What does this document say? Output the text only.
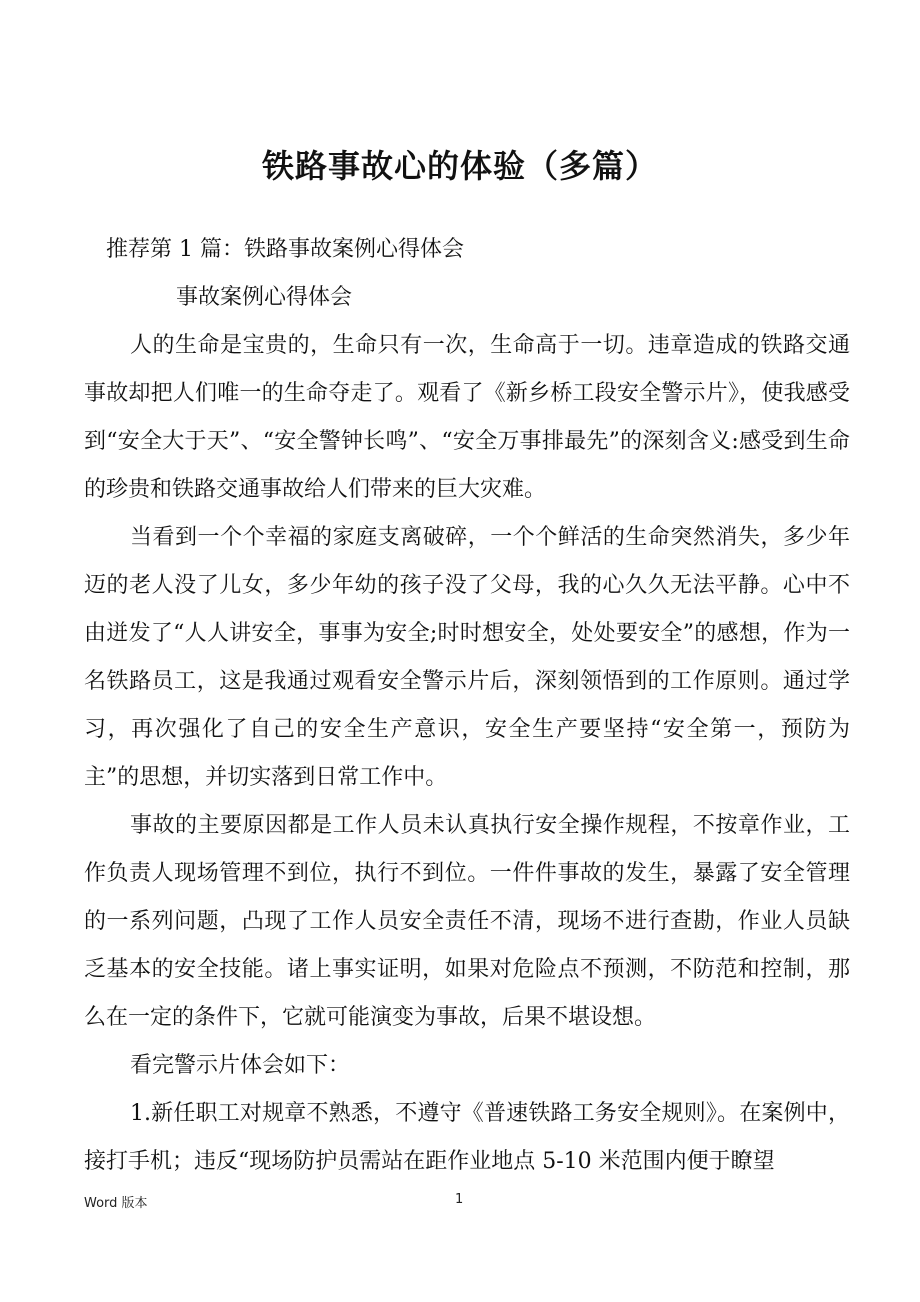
铁路事故心的体验（多篇）

推荐第 1 篇：铁路事故案例心得体会

事故案例心得体会

人的生命是宝贵的，生命只有一次，生命高于一切。违章造成的铁路交通事故却把人们唯一的生命夺走了。观看了《新乡桥工段安全警示片》，使我感受到“安全大于天”、“安全警钟长鸣”、“安全万事排最先”的深刻含义:感受到生命的珍贵和铁路交通事故给人们带来的巨大灾难。

当看到一个个幸福的家庭支离破碎，一个个鲜活的生命突然消失，多少年迈的老人没了儿女，多少年幼的孩子没了父母，我的心久久无法平静。心中不由迸发了“人人讲安全，事事为安全;时时想安全，处处要安全”的感想，作为一名铁路员工，这是我通过观看安全警示片后，深刻领悟到的工作原则。通过学习，再次强化了自己的安全生产意识，安全生产要坚持“安全第一，预防为主”的思想，并切实落到日常工作中。

事故的主要原因都是工作人员未认真执行安全操作规程，不按章作业，工作负责人现场管理不到位，执行不到位。一件件事故的发生，暴露了安全管理的一系列问题，凸现了工作人员安全责任不清，现场不进行查勘，作业人员缺乏基本的安全技能。诸上事实证明，如果对危险点不预测，不防范和控制，那么在一定的条件下，它就可能演变为事故，后果不堪设想。

看完警示片体会如下：

1.新任职工对规章不熟悉，不遵守《普速铁路工务安全规则》。在案例中，接打手机；违反“现场防护员需站在距作业地点 5-10 米范围内便于瞭望

Word 版本	1
